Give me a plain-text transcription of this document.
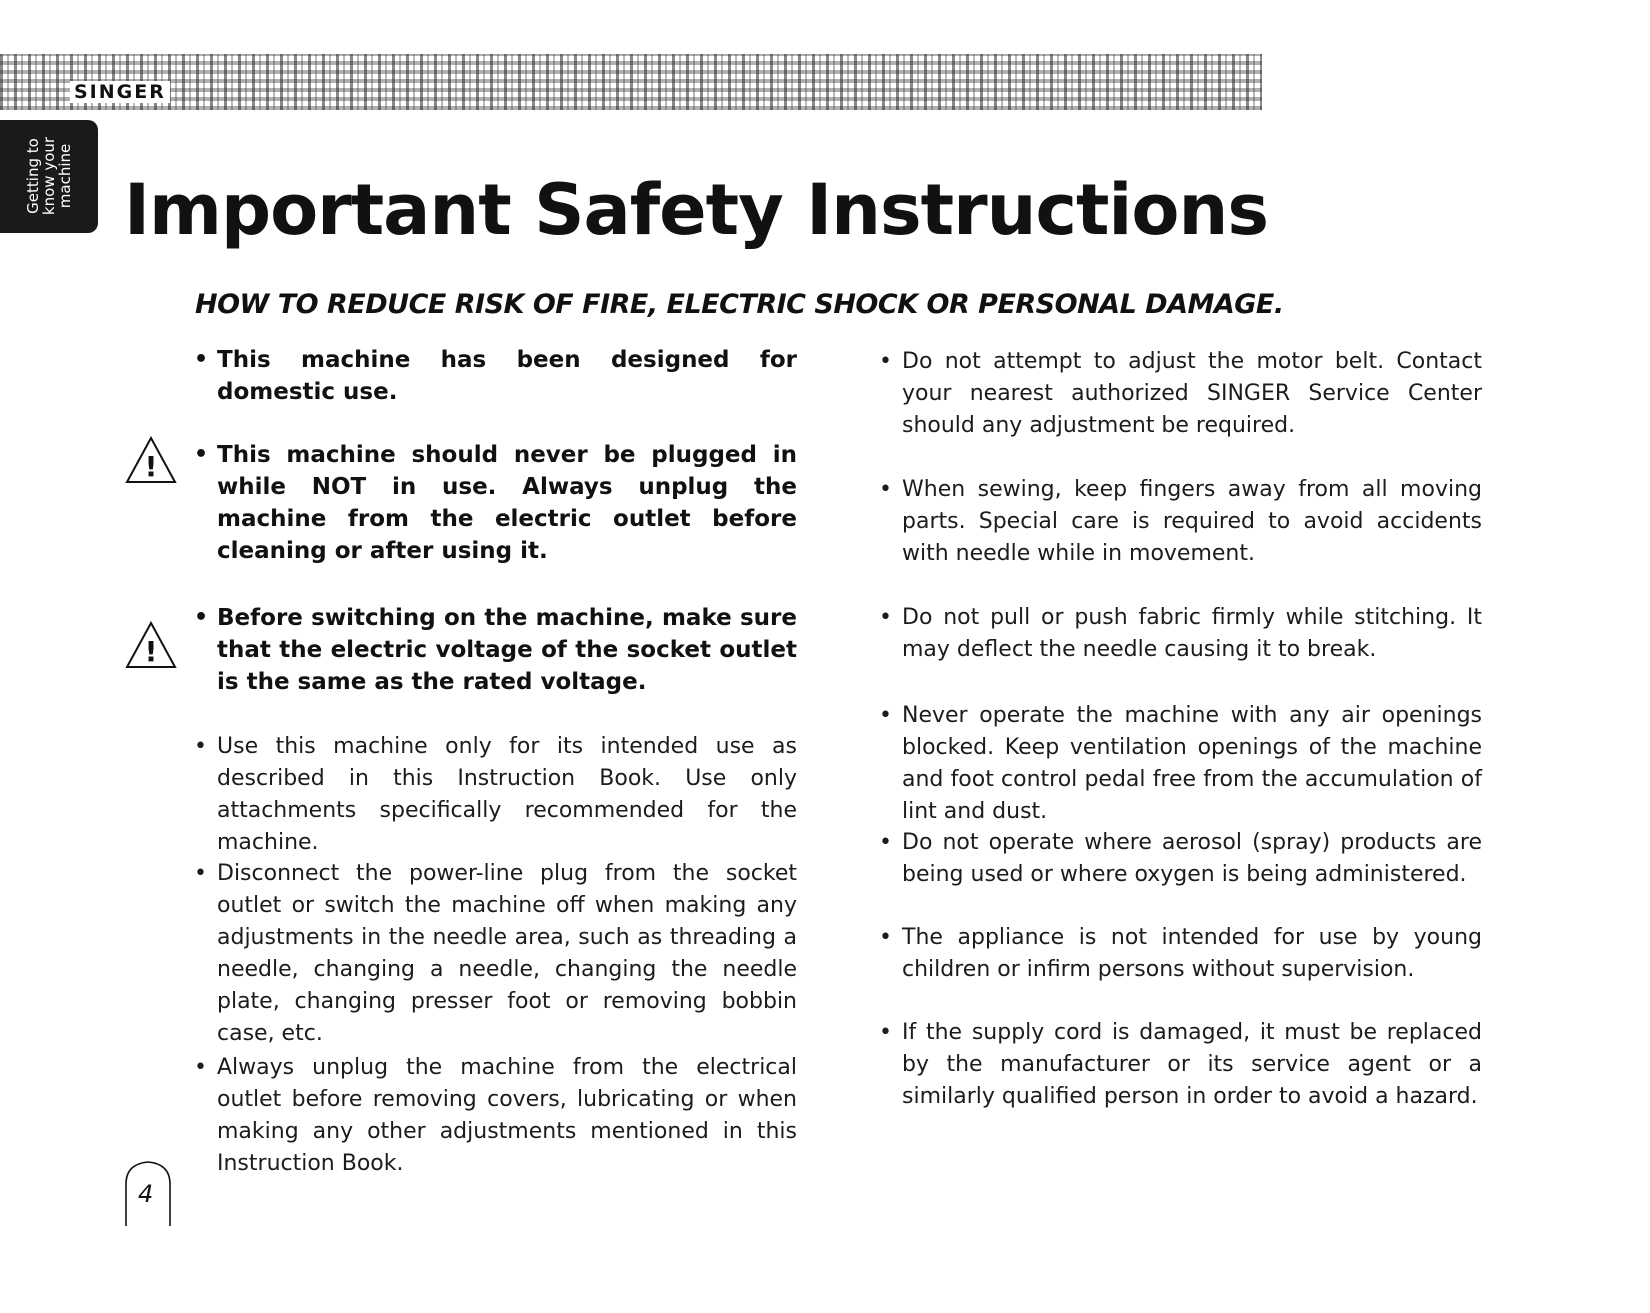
SINGER
Getting to
know your
machine Important Safety Instructions
HOW TO REDUCE RISK OF FIRE, ELECTRIC SHOCK OR PERSONAL DAMAGE.
• This machine has been designed for domestic use.
! • This machine should never be plugged in while NOT in use. Always unplug the machine from the electric outlet before cleaning or after using it.
!
• Before switching on the machine, make sure that the electric voltage of the socket outlet is the same as the rated voltage.
• Use this machine only for its intended use as described in this Instruction Book. Use only attachments specifically recommended for the machine.
• Disconnect the power-line plug from the socket outlet or switch the machine off when making any adjustments in the needle area, such as threading a needle, changing a needle, changing the needle plate, changing presser foot or removing bobbin case, etc.
• Always unplug the machine from the electrical outlet before removing covers, lubricating or when making any other adjustments mentioned in this Instruction Book.
• Do not attempt to adjust the motor belt. Contact your nearest authorized SINGER Service Center should any adjustment be required.
• When sewing, keep fingers away from all moving parts. Special care is required to avoid accidents with needle while in movement.
• Do not pull or push fabric firmly while stitching. It may deflect the needle causing it to break.
• Never operate the machine with any air openings blocked. Keep ventilation openings of the machine and foot control pedal free from the accumulation of lint and dust.
• Do not operate where aerosol (spray) products are being used or where oxygen is being administered.
• The appliance is not intended for use by young children or infirm persons without supervision.
• If the supply cord is damaged, it must be replaced by the manufacturer or its service agent or a similarly qualified person in order to avoid a hazard.
4
